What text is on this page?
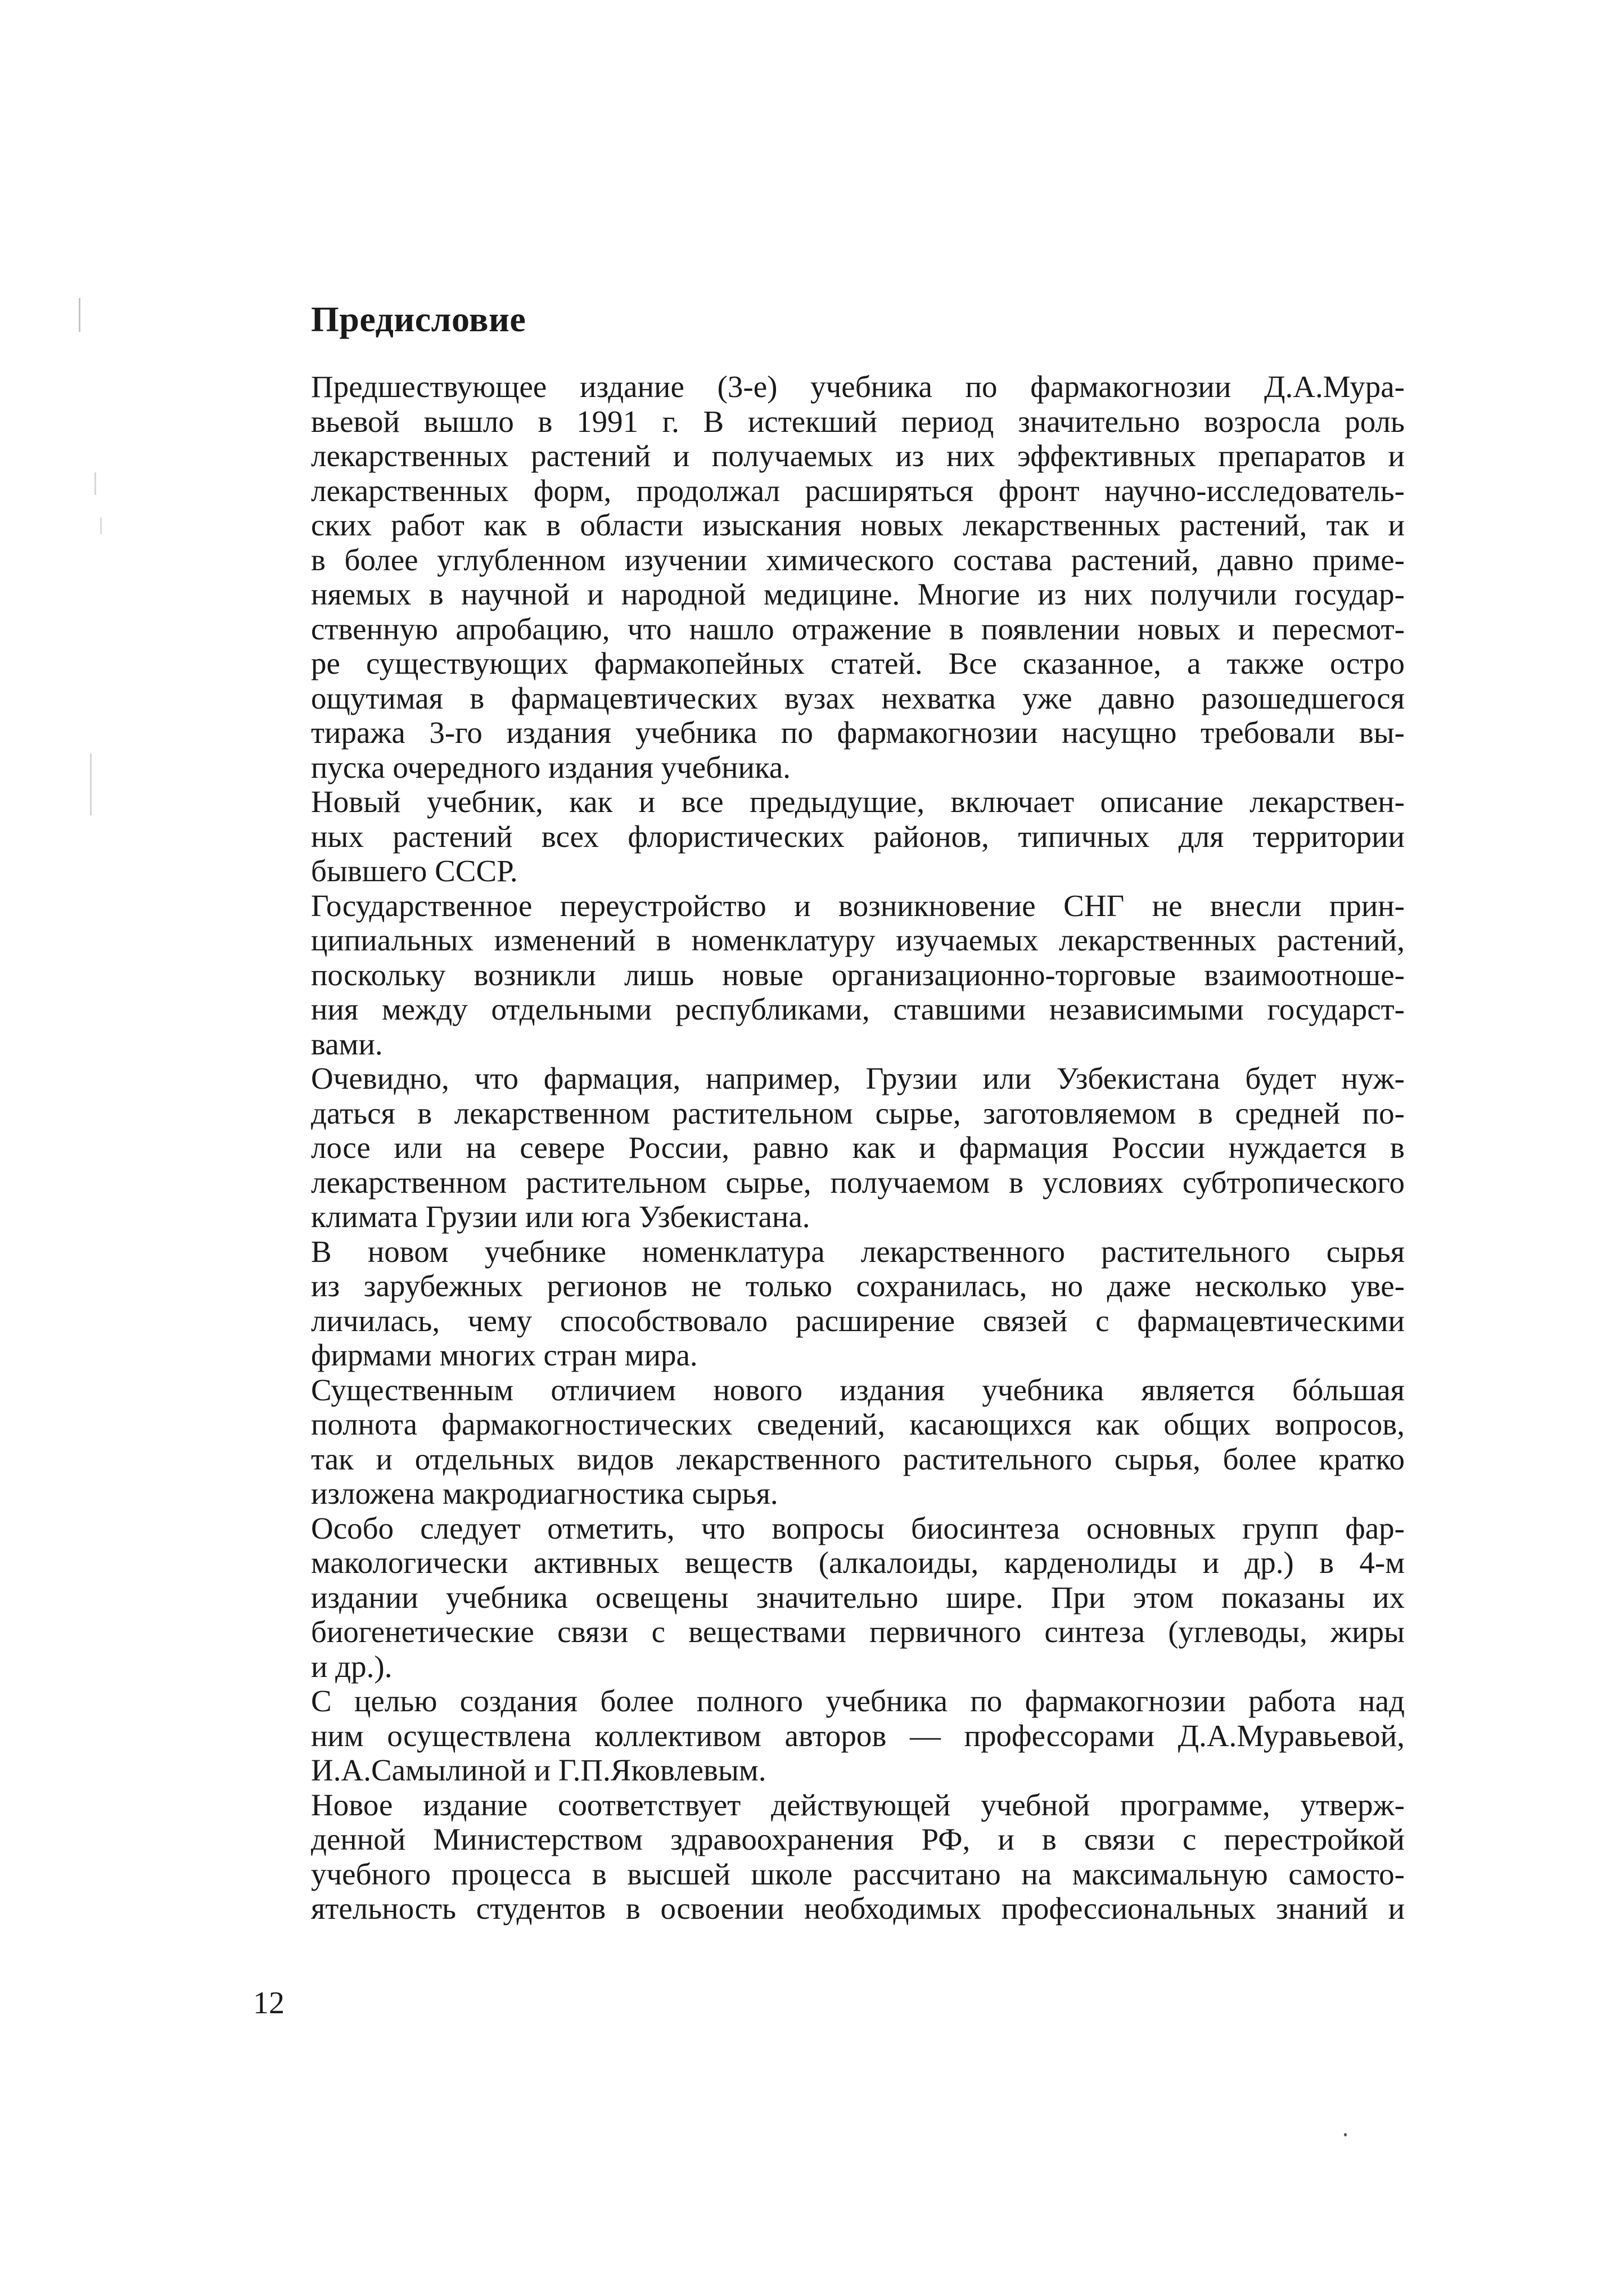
Предисловие
Предшествующее издание (3-е) учебника по фармакогнозии Д.А.Мура-
вьевой вышло в 1991 г. В истекший период значительно возросла роль
лекарственных растений и получаемых из них эффективных препаратов и
лекарственных форм, продолжал расширяться фронт научно-исследователь-
ских работ как в области изыскания новых лекарственных растений, так и
в более углубленном изучении химического состава растений, давно приме-
няемых в научной и народной медицине. Многие из них получили государ-
ственную апробацию, что нашло отражение в появлении новых и пересмот-
ре существующих фармакопейных статей. Все сказанное, а также остро
ощутимая в фармацевтических вузах нехватка уже давно разошедшегося
тиража 3-го издания учебника по фармакогнозии насущно требовали вы-
пуска очередного издания учебника.
Новый учебник, как и все предыдущие, включает описание лекарствен-
ных растений всех флористических районов, типичных для территории
бывшего СССР.
Государственное переустройство и возникновение СНГ не внесли прин-
ципиальных изменений в номенклатуру изучаемых лекарственных растений,
поскольку возникли лишь новые организационно-торговые взаимоотноше-
ния между отдельными республиками, ставшими независимыми государст-
вами.
Очевидно, что фармация, например, Грузии или Узбекистана будет нуж-
даться в лекарственном растительном сырье, заготовляемом в средней по-
лосе или на севере России, равно как и фармация России нуждается в
лекарственном растительном сырье, получаемом в условиях субтропического
климата Грузии или юга Узбекистана.
В новом учебнике номенклатура лекарственного растительного сырья
из зарубежных регионов не только сохранилась, но даже несколько уве-
личилась, чему способствовало расширение связей с фармацевтическими
фирмами многих стран мира.
Существенным отличием нового издания учебника является бóльшая
полнота фармакогностических сведений, касающихся как общих вопросов,
так и отдельных видов лекарственного растительного сырья, более кратко
изложена макродиагностика сырья.
Особо следует отметить, что вопросы биосинтеза основных групп фар-
макологически активных веществ (алкалоиды, карденолиды и др.) в 4-м
издании учебника освещены значительно шире. При этом показаны их
биогенетические связи с веществами первичного синтеза (углеводы, жиры
и др.).
С целью создания более полного учебника по фармакогнозии работа над
ним осуществлена коллективом авторов — профессорами Д.А.Муравьевой,
И.А.Самылиной и Г.П.Яковлевым.
Новое издание соответствует действующей учебной программе, утверж-
денной Министерством здравоохранения РФ, и в связи с перестройкой
учебного процесса в высшей школе рассчитано на максимальную самосто-
ятельность студентов в освоении необходимых профессиональных знаний и
12
